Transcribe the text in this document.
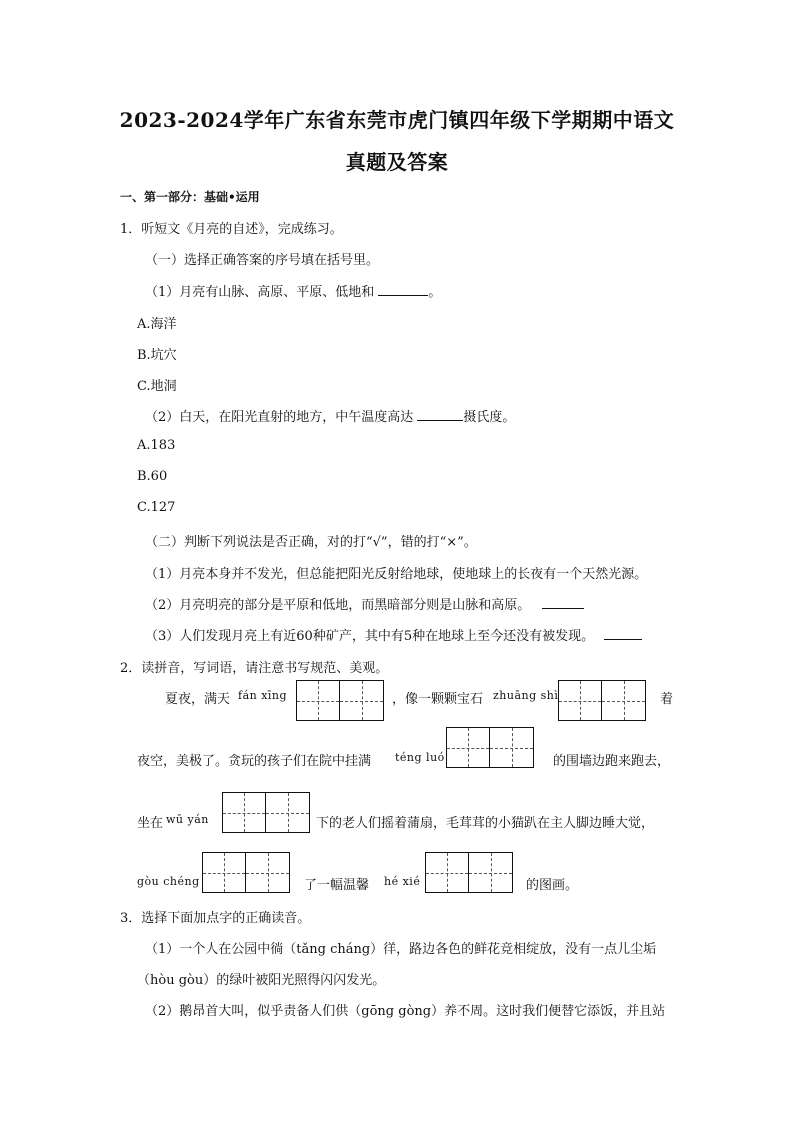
2023-2024学年广东省东莞市虎门镇四年级下学期期中语文
真题及答案
一、第一部分：基础•运用
1．听短文《月亮的自述》，完成练习。
（一）选择正确答案的序号填在括号里。
（1）月亮有山脉、高原、平原、低地和	。
A.海洋
B.坑穴
C.地洞
（2）白天，在阳光直射的地方，中午温度高达	摄氏度。
A.183
B.60
C.127
（二）判断下列说法是否正确，对的打“√”，错的打“×”。
（1）月亮本身并不发光，但总能把阳光反射给地球，使地球上的长夜有一个天然光源。
（2）月亮明亮的部分是平原和低地，而黑暗部分则是山脉和高原。
（3）人们发现月亮上有近60种矿产，其中有5种在地球上至今还没有被发现。
2．读拼音，写词语，请注意书写规范、美观。
夏夜，满天 fán xīng	，像一颗颗宝石 zhuāng shì	着
夜空，美极了。贪玩的孩子们在院中挂满 téng luó	的围墙边跑来跑去，
坐在 wū yán	下的老人们摇着蒲扇，毛茸茸的小猫趴在主人脚边睡大觉，
gòu chéng	了一幅温馨 hé xié	的图画。
3．选择下面加点字的正确读音。
（1）一个人在公园中徜（tǎng cháng）徉，路边各色的鲜花竞相绽放，没有一点儿尘垢
（hòu gòu）的绿叶被阳光照得闪闪发光。
（2）鹅昂首大叫，似乎责备人们供（gōng gòng）养不周。这时我们便替它添饭，并且站
